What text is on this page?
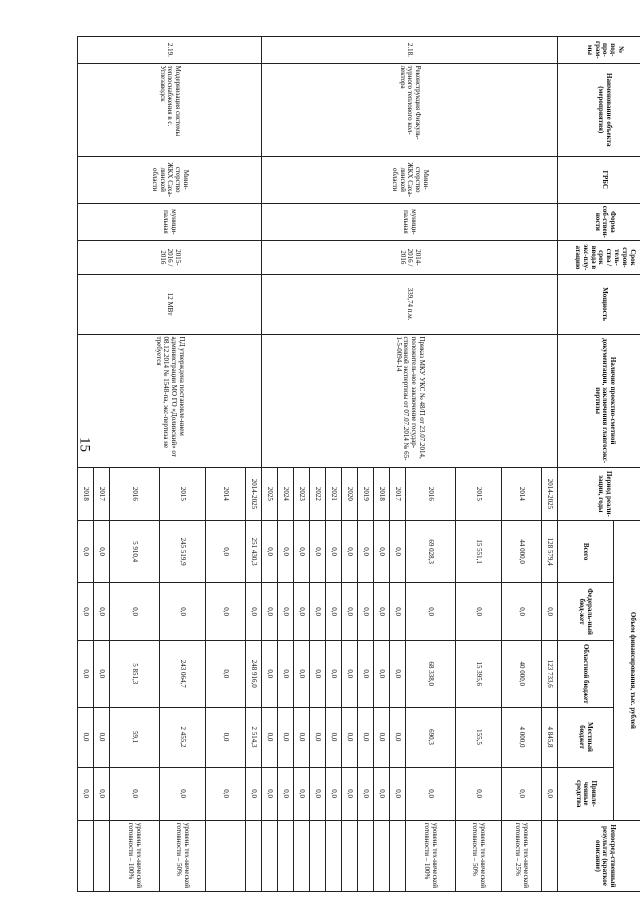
15
№ под-про-грам-мы	Наименование объекта (мероприятия)	ГРБС	Форма соб-ствен-ности	Срок строи-тель-ства / срок ввода в экс-плу-атацию	Мощность	Наличие проектно-сметной документации, заключения главгосэкс-пертизы	Период реали-зации, годы	Объем финансирования, тыс. рублей					Непосред-ственный результат (краткое описание)
								Всего	Федераль-ный бюд-жет	Областной бюджет	Местный бюджет	Привле-ченные средства	
2.18.	Реконструкция Физкуль-турного теплового кол-лектора	Мини-стерство ЖКХ Саха-линской области	муници-пальная	2014-2016 / 2016	339,74 п.м.	Приказ МКУ УКС № 48/П от 23.07.2014, положитель-ное заключение государ-ственной экспертизы от 07.07.2014 № 65-1-5-0094-14	2014-2025	128 579,4	0,0	123 733,6	4 845,8	0,0	
							2014	44 000,0	0,0	40 000,0	4 000,0	0,0	уровень тех-нической готовности – 25%
							2015	15 551,1	0,0	15 395,6	155,5	0,0	уровень тех-нической готовности – 50%
							2016	69 028,3	0,0	68 338,0	690,3	0,0	уровень тех-нической готовности – 100%
							2017	0,0	0,0	0,0	0,0	0,0	
							2018	0,0	0,0	0,0	0,0	0,0	
							2019	0,0	0,0	0,0	0,0	0,0	
							2020	0,0	0,0	0,0	0,0	0,0	
							2021	0,0	0,0	0,0	0,0	0,0	
							2022	0,0	0,0	0,0	0,0	0,0	
							2023	0,0	0,0	0,0	0,0	0,0	
							2024	0,0	0,0	0,0	0,0	0,0	
							2025	0,0	0,0	0,0	0,0	0,0	
2.19.	Модернизация системы теплоснабжения в с. Углезаводск	Мини-стерство ЖКХ Саха-линской области	муници-пальная	2015-2016 / 2016	12 МВт	ПД утверждена постановле-нием администрации МО ГО «Долинский» от 08.12.2014 № 1548-па, экс-пертиза не требуется	2014-2025	251 430,3	0,0	248 916,0	2 514,3	0,0	
							2014	0,0	0,0	0,0	0,0	0,0	
							2015	245 519,9	0,0	243 064,7	2 455,2	0,0	уровень тех-нической готовности – 50%
							2016	5 910,4	0,0	5 851,3	59,1	0,0	уровень тех-нической готовности – 100%
							2017	0,0	0,0	0,0	0,0	0,0	
							2018	0,0	0,0	0,0	0,0	0,0	
